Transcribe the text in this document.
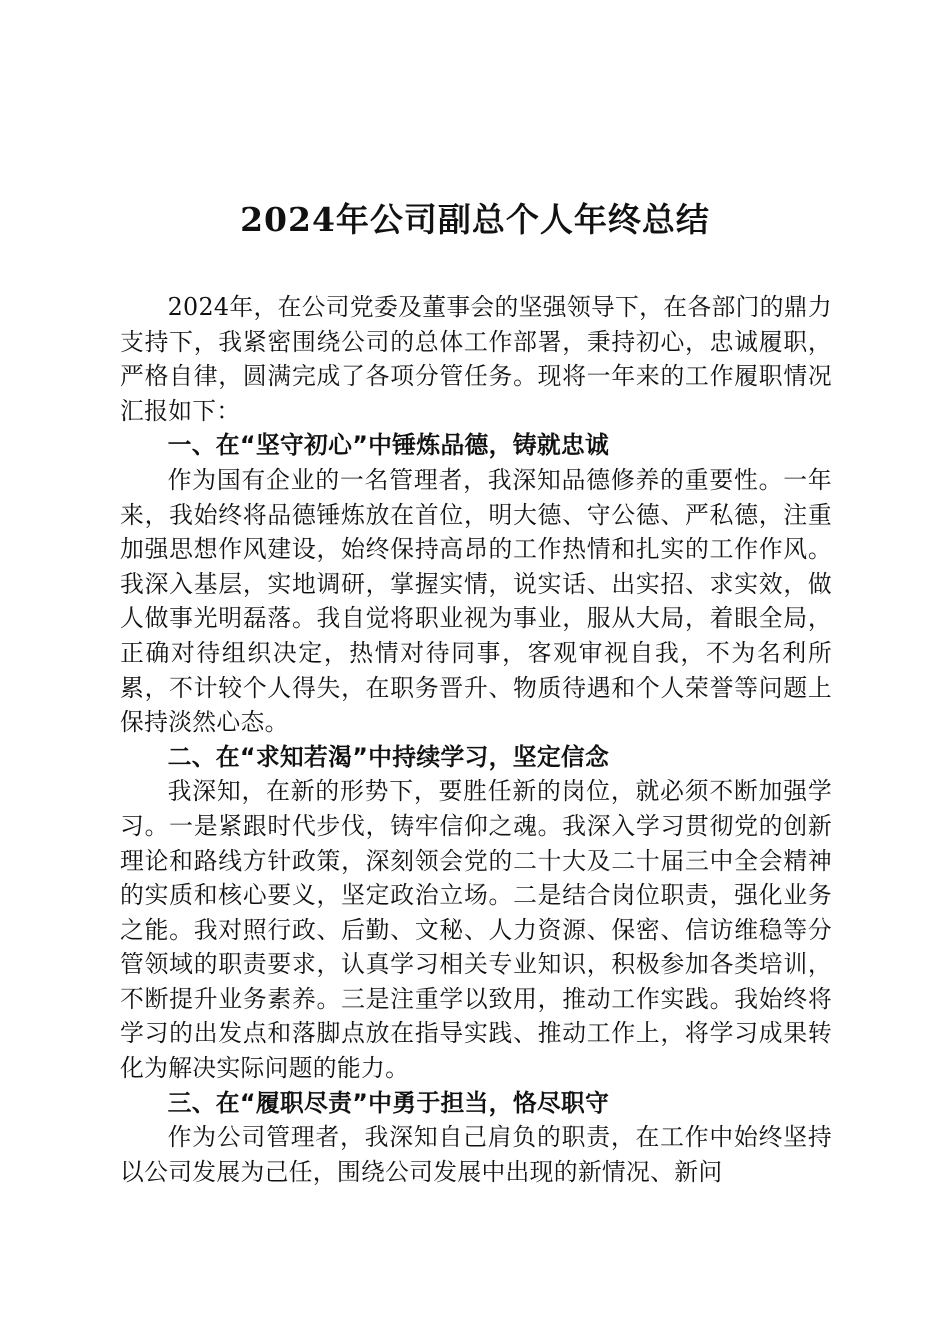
2024年公司副总个人年终总结

2024年，在公司党委及董事会的坚强领导下，在各部门的鼎力支持下，我紧密围绕公司的总体工作部署，秉持初心，忠诚履职，严格自律，圆满完成了各项分管任务。现将一年来的工作履职情况汇报如下：

一、在“坚守初心”中锤炼品德，铸就忠诚

作为国有企业的一名管理者，我深知品德修养的重要性。一年来，我始终将品德锤炼放在首位，明大德、守公德、严私德，注重加强思想作风建设，始终保持高昂的工作热情和扎实的工作作风。我深入基层，实地调研，掌握实情，说实话、出实招、求实效，做人做事光明磊落。我自觉将职业视为事业，服从大局，着眼全局，正确对待组织决定，热情对待同事，客观审视自我，不为名利所累，不计较个人得失，在职务晋升、物质待遇和个人荣誉等问题上保持淡然心态。

二、在“求知若渴”中持续学习，坚定信念

我深知，在新的形势下，要胜任新的岗位，就必须不断加强学习。一是紧跟时代步伐，铸牢信仰之魂。我深入学习贯彻党的创新理论和路线方针政策，深刻领会党的二十大及二十届三中全会精神的实质和核心要义，坚定政治立场。二是结合岗位职责，强化业务之能。我对照行政、后勤、文秘、人力资源、保密、信访维稳等分管领域的职责要求，认真学习相关专业知识，积极参加各类培训，不断提升业务素养。三是注重学以致用，推动工作实践。我始终将学习的出发点和落脚点放在指导实践、推动工作上，将学习成果转化为解决实际问题的能力。

三、在“履职尽责”中勇于担当，恪尽职守

作为公司管理者，我深知自己肩负的职责，在工作中始终坚持以公司发展为己任，围绕公司发展中出现的新情况、新问
